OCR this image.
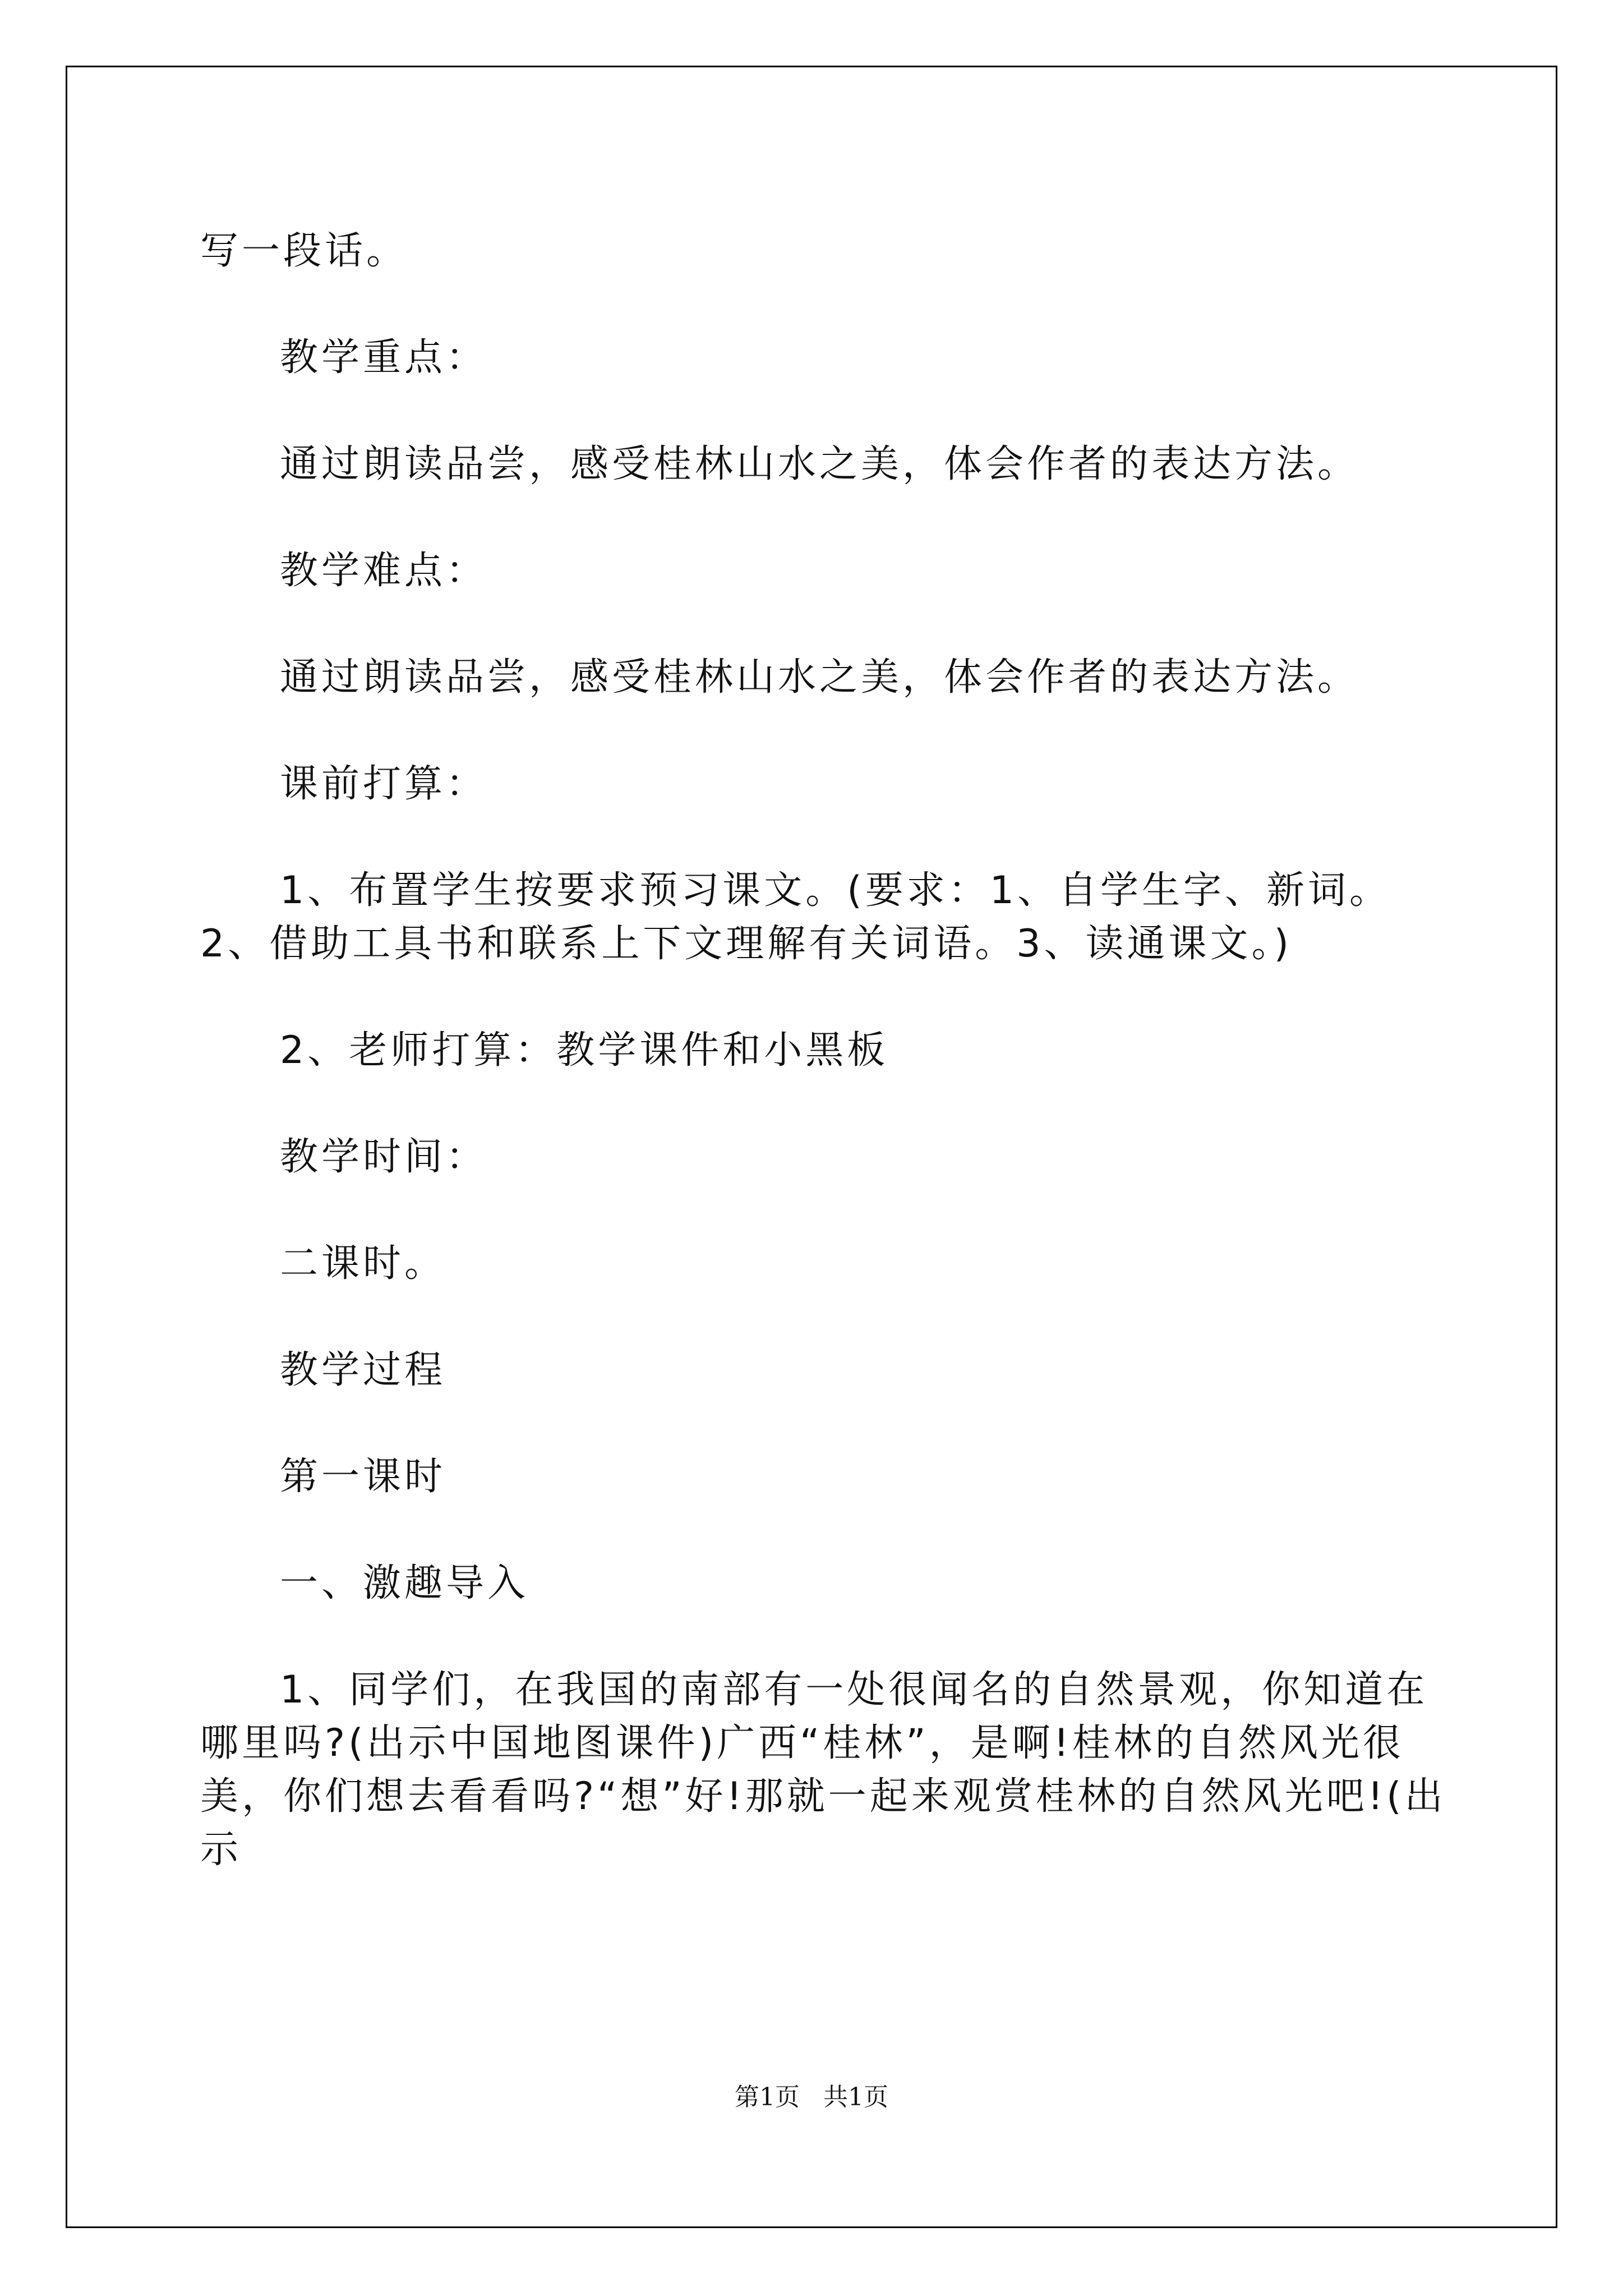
写一段话。

教学重点：

通过朗读品尝，感受桂林山水之美，体会作者的表达方法。

教学难点：

通过朗读品尝，感受桂林山水之美，体会作者的表达方法。

课前打算：

1、布置学生按要求预习课文。(要求：1、自学生字、新词。2、借助工具书和联系上下文理解有关词语。3、读通课文。)

2、老师打算：教学课件和小黑板

教学时间：

二课时。

教学过程

第一课时

一、激趣导入

1、同学们，在我国的南部有一处很闻名的自然景观，你知道在哪里吗?(出示中国地图课件)广西“桂林”，是啊!桂林的自然风光很美，你们想去看看吗?“想”好!那就一起来观赏桂林的自然风光吧!(出示

第1页 共1页
